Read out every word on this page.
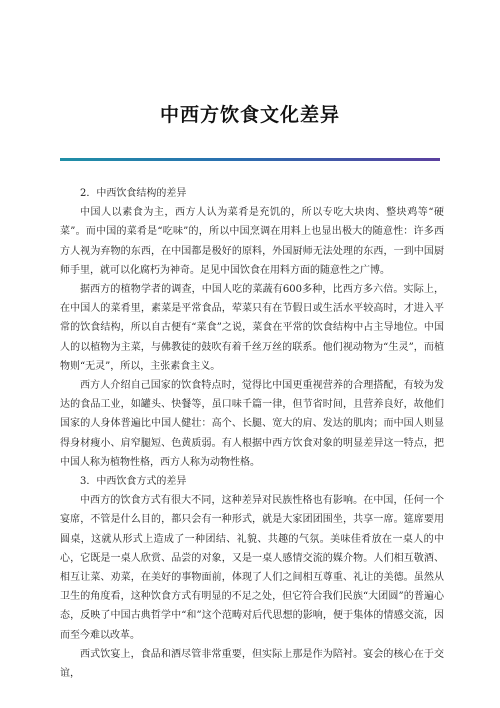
中西方饮食文化差异

2．中西饮食结构的差异

中国人以素食为主，西方人认为菜肴是充饥的，所以专吃大块肉、整块鸡等“硬菜”。而中国的菜肴是“吃味”的，所以中国烹调在用料上也显出极大的随意性：许多西方人视为弃物的东西，在中国都是极好的原料，外国厨师无法处理的东西，一到中国厨师手里，就可以化腐朽为神奇。足见中国饮食在用料方面的随意性之广博。

据西方的植物学者的调查，中国人吃的菜蔬有600多种，比西方多六倍。实际上，在中国人的菜肴里，素菜是平常食品，荤菜只有在节假日或生活水平较高时，才进入平常的饮食结构，所以自古便有“菜食”之说，菜食在平常的饮食结构中占主导地位。中国人的以植物为主菜，与佛教徒的鼓吹有着千丝万丝的联系。他们视动物为“生灵”，而植物则“无灵”，所以，主张素食主义。

西方人介绍自己国家的饮食特点时，觉得比中国更重视营养的合理搭配，有较为发达的食品工业，如罐头、快餐等，虽口味千篇一律，但节省时间，且营养良好，故他们国家的人身体普遍比中国人健壮：高个、长腿、宽大的肩、发达的肌肉；而中国人则显得身材瘦小、肩窄腿短、色黄质弱。有人根据中西方饮食对象的明显差异这一特点，把中国人称为植物性格，西方人称为动物性格。

3．中西饮食方式的差异

中西方的饮食方式有很大不同，这种差异对民族性格也有影响。在中国，任何一个宴席，不管是什么目的，都只会有一种形式，就是大家团团围坐，共享一席。筵席要用圆桌，这就从形式上造成了一种团结、礼貌、共趣的气氛。美味佳肴放在一桌人的中心，它既是一桌人欣赏、品尝的对象，又是一桌人感情交流的媒介物。人们相互敬酒、相互让菜、劝菜，在美好的事物面前，体现了人们之间相互尊重、礼让的美德。虽然从卫生的角度看，这种饮食方式有明显的不足之处，但它符合我们民族“大团圆”的普遍心态，反映了中国古典哲学中“和”这个范畴对后代思想的影响，便于集体的情感交流，因而至今难以改革。

西式饮宴上，食品和酒尽管非常重要，但实际上那是作为陪衬。宴会的核心在于交谊，
